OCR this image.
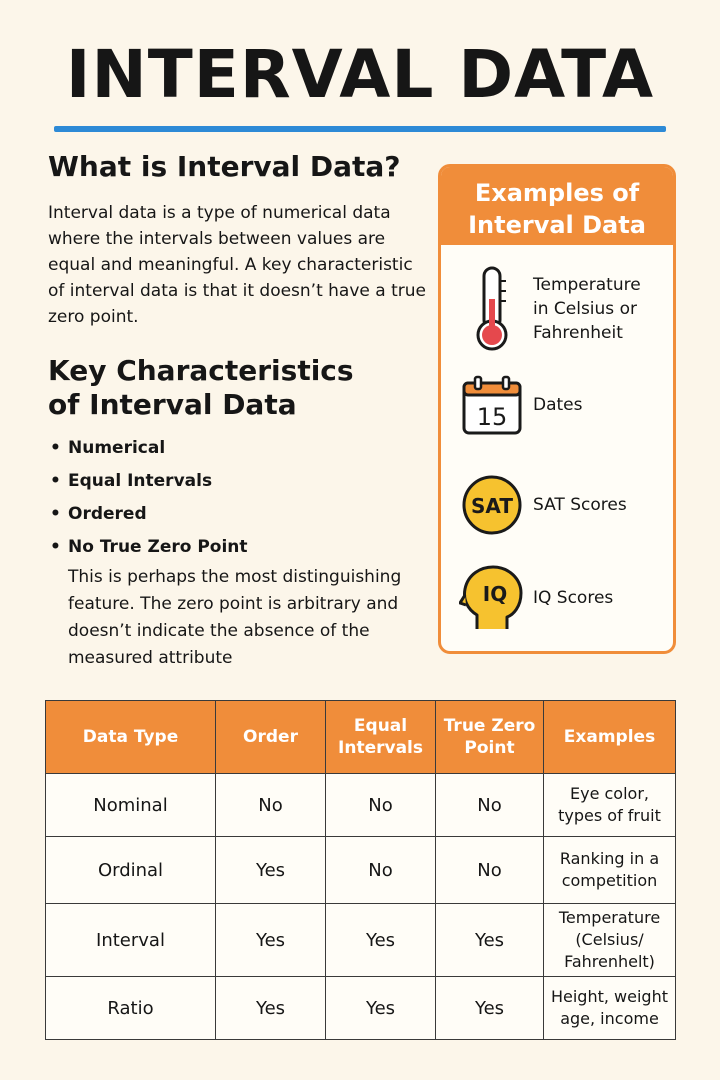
INTERVAL DATA
What is Interval Data?

Interval data is a type of numerical data where the intervals between values are equal and meaningful. A key characteristic of interval data is that it doesn’t have a true zero point.

Key Characteristics
of Interval Data
• Numerical
• Equal Intervals
• Ordered
• No True Zero Point

This is perhaps the most distinguishing feature. The zero point is arbitrary and doesn’t indicate the absence of the measured attribute

Examples of Interval Data
Temperature in Celsius or Fahrenheit
15	Dates
SAT	SAT Scores
IQ	IQ Scores
Data Type	Order	Equal Intervals	True Zero Point	Examples
Nominal	No	No	No	Eye color, types of fruit
Ordinal	Yes	No	No	Ranking in a competition
Interval	Yes	Yes	Yes	Temperature (Celsius/ Fahrenhelt)
Ratio	Yes	Yes	Yes	Height, weight age, income
